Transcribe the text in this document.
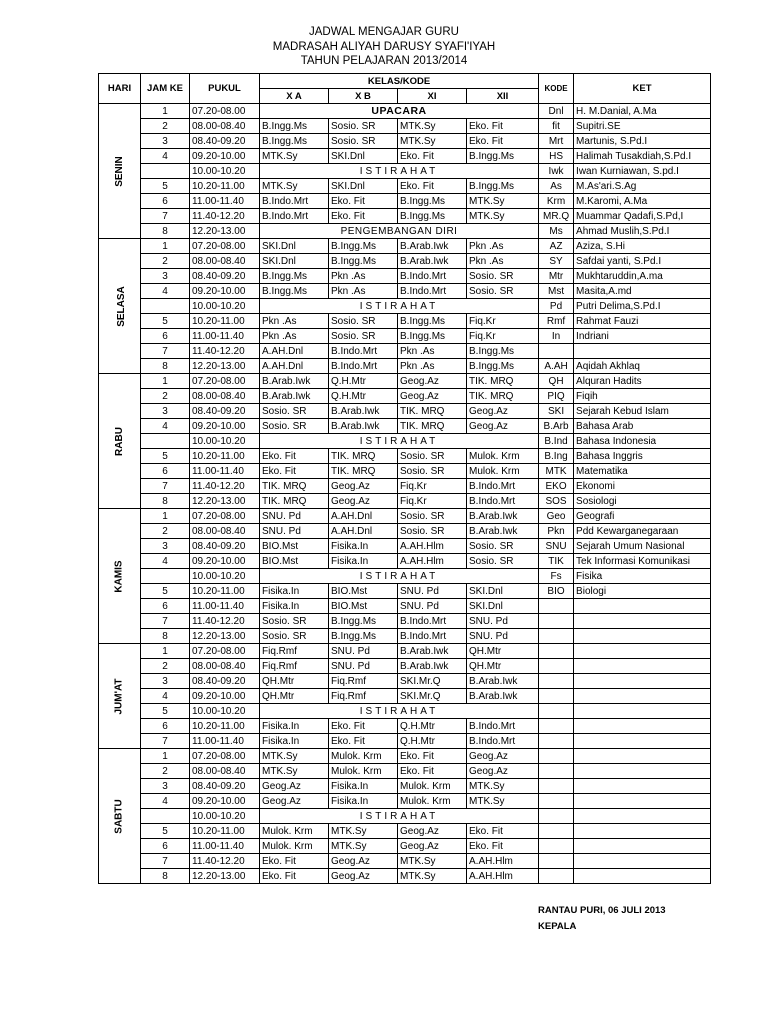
JADWAL MENGAJAR GURU
MADRASAH ALIYAH DARUSY SYAFI'IYAH
TAHUN PELAJARAN 2013/2014
HARI	JAM KE	PUKUL	KELAS/KODE				KODE	KET
			X A	X B	XI	XII		
SENIN	1	07.20-08.00	UPACARA				Dnl	H. M.Danial, A.Ma
	2	08.00-08.40	B.Ingg.Ms	Sosio. SR	MTK.Sy	Eko. Fit	fit	Supitri.SE
	3	08.40-09.20	B.Ingg.Ms	Sosio. SR	MTK.Sy	Eko. Fit	Mrt	Martunis, S.Pd.I
	4	09.20-10.00	MTK.Sy	SKI.Dnl	Eko. Fit	B.Ingg.Ms	HS	Halimah Tusakdiah,S.Pd.I
		10.00-10.20	ISTIRAHAT				Iwk	Iwan Kurniawan, S.pd.I
	5	10.20-11.00	MTK.Sy	SKI.Dnl	Eko. Fit	B.Ingg.Ms	As	M.As'ari.S.Ag
	6	11.00-11.40	B.Indo.Mrt	Eko. Fit	B.Ingg.Ms	MTK.Sy	Krm	M.Karomi, A.Ma
	7	11.40-12.20	B.Indo.Mrt	Eko. Fit	B.Ingg.Ms	MTK.Sy	MR.Q	Muammar Qadafi,S.Pd,I
	8	12.20-13.00	PENGEMBANGAN DIRI				Ms	Ahmad Muslih,S.Pd.I
SELASA	1	07.20-08.00	SKI.Dnl	B.Ingg.Ms	B.Arab.Iwk	Pkn .As	AZ	Aziza, S.Hi
	2	08.00-08.40	SKI.Dnl	B.Ingg.Ms	B.Arab.Iwk	Pkn .As	SY	Safdai yanti, S.Pd.I
	3	08.40-09.20	B.Ingg.Ms	Pkn .As	B.Indo.Mrt	Sosio. SR	Mtr	Mukhtaruddin,A.ma
	4	09.20-10.00	B.Ingg.Ms	Pkn .As	B.Indo.Mrt	Sosio. SR	Mst	Masita,A.md
		10.00-10.20	ISTIRAHAT				Pd	Putri Delima,S.Pd.I
	5	10.20-11.00	Pkn .As	Sosio. SR	B.Ingg.Ms	Fiq.Kr	Rmf	Rahmat Fauzi
	6	11.00-11.40	Pkn .As	Sosio. SR	B.Ingg.Ms	Fiq.Kr	In	Indriani
	7	11.40-12.20	A.AH.Dnl	B.Indo.Mrt	Pkn .As	B.Ingg.Ms		
	8	12.20-13.00	A.AH.Dnl	B.Indo.Mrt	Pkn .As	B.Ingg.Ms	A.AH	Aqidah Akhlaq
RABU	1	07.20-08.00	B.Arab.Iwk	Q.H.Mtr	Geog.Az	TIK. MRQ	QH	Alquran Hadits
	2	08.00-08.40	B.Arab.Iwk	Q.H.Mtr	Geog.Az	TIK. MRQ	PIQ	Fiqih
	3	08.40-09.20	Sosio. SR	B.Arab.Iwk	TIK. MRQ	Geog.Az	SKI	Sejarah Kebud Islam
	4	09.20-10.00	Sosio. SR	B.Arab.Iwk	TIK. MRQ	Geog.Az	B.Arb	Bahasa Arab
		10.00-10.20	ISTIRAHAT				B.Ind	Bahasa Indonesia
	5	10.20-11.00	Eko. Fit	TIK. MRQ	Sosio. SR	Mulok. Krm	B.Ing	Bahasa Inggris
	6	11.00-11.40	Eko. Fit	TIK. MRQ	Sosio. SR	Mulok. Krm	MTK	Matematika
	7	11.40-12.20	TIK. MRQ	Geog.Az	Fiq.Kr	B.Indo.Mrt	EKO	Ekonomi
	8	12.20-13.00	TIK. MRQ	Geog.Az	Fiq.Kr	B.Indo.Mrt	SOS	Sosiologi
KAMIS	1	07.20-08.00	SNU. Pd	A.AH.Dnl	Sosio. SR	B.Arab.Iwk	Geo	Geografi
	2	08.00-08.40	SNU. Pd	A.AH.Dnl	Sosio. SR	B.Arab.Iwk	Pkn	Pdd Kewarganegaraan
	3	08.40-09.20	BIO.Mst	Fisika.In	A.AH.Hlm	Sosio. SR	SNU	Sejarah Umum Nasional
	4	09.20-10.00	BIO.Mst	Fisika.In	A.AH.Hlm	Sosio. SR	TIK	Tek Informasi Komunikasi
		10.00-10.20	ISTIRAHAT				Fs	Fisika
	5	10.20-11.00	Fisika.In	BIO.Mst	SNU. Pd	SKI.Dnl	BIO	Biologi
	6	11.00-11.40	Fisika.In	BIO.Mst	SNU. Pd	SKI.Dnl		
	7	11.40-12.20	Sosio. SR	B.Ingg.Ms	B.Indo.Mrt	SNU. Pd		
	8	12.20-13.00	Sosio. SR	B.Ingg.Ms	B.Indo.Mrt	SNU. Pd		
JUM'AT	1	07.20-08.00	Fiq.Rmf	SNU. Pd	B.Arab.Iwk	QH.Mtr		
	2	08.00-08.40	Fiq.Rmf	SNU. Pd	B.Arab.Iwk	QH.Mtr		
	3	08.40-09.20	QH.Mtr	Fiq.Rmf	SKI.Mr.Q	B.Arab.Iwk		
	4	09.20-10.00	QH.Mtr	Fiq.Rmf	SKI.Mr.Q	B.Arab.Iwk		
	5	10.00-10.20	ISTIRAHAT					
	6	10.20-11.00	Fisika.In	Eko. Fit	Q.H.Mtr	B.Indo.Mrt		
	7	11.00-11.40	Fisika.In	Eko. Fit	Q.H.Mtr	B.Indo.Mrt		
SABTU	1	07.20-08.00	MTK.Sy	Mulok. Krm	Eko. Fit	Geog.Az		
	2	08.00-08.40	MTK.Sy	Mulok. Krm	Eko. Fit	Geog.Az		
	3	08.40-09.20	Geog.Az	Fisika.In	Mulok. Krm	MTK.Sy		
	4	09.20-10.00	Geog.Az	Fisika.In	Mulok. Krm	MTK.Sy		
		10.00-10.20	ISTIRAHAT					
	5	10.20-11.00	Mulok. Krm	MTK.Sy	Geog.Az	Eko. Fit		
	6	11.00-11.40	Mulok. Krm	MTK.Sy	Geog.Az	Eko. Fit		
	7	11.40-12.20	Eko. Fit	Geog.Az	MTK.Sy	A.AH.Hlm		
	8	12.20-13.00	Eko. Fit	Geog.Az	MTK.Sy	A.AH.Hlm		
RANTAU PURI, 06 JULI 2013
KEPALA
